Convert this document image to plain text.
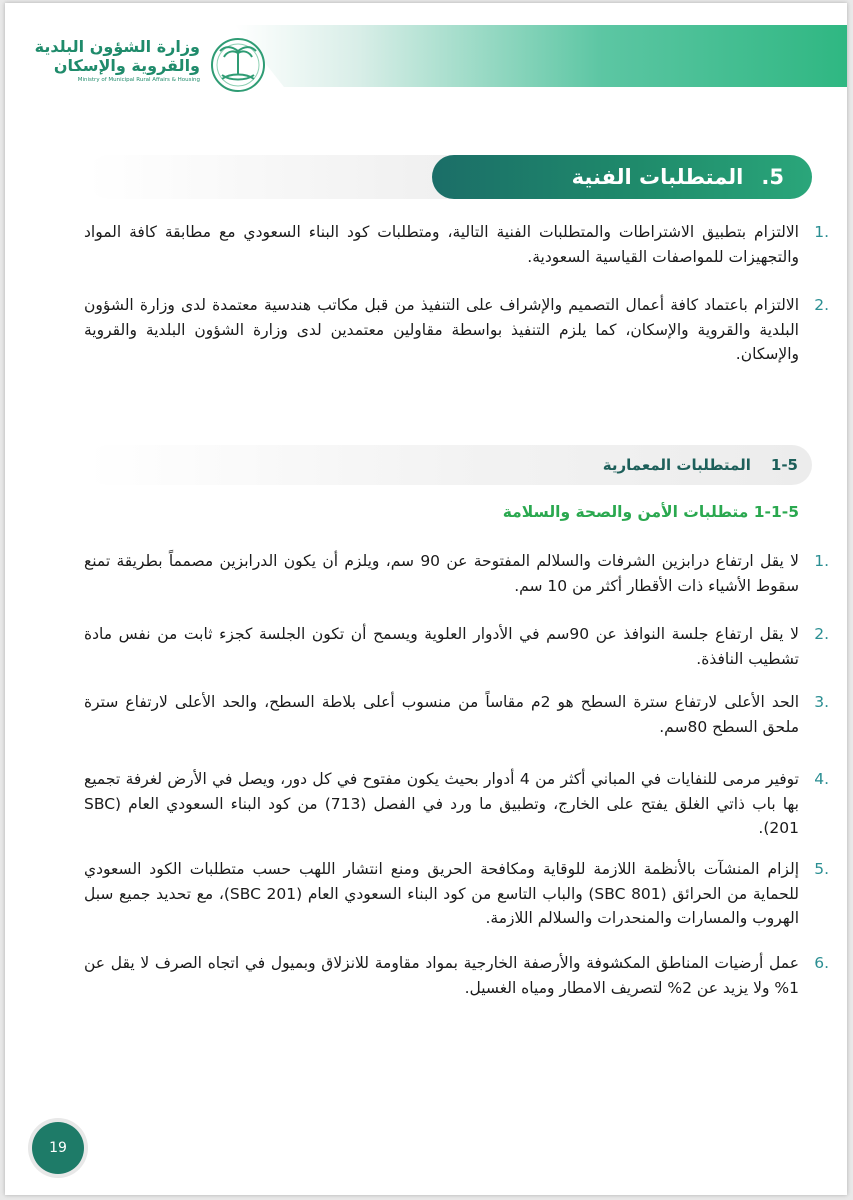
وزارة الشؤون البلدية
والقروية والإسكان
Ministry of Municipal Rural Affairs & Housing
5.
المتطلبات الفنية
.1
الالتزام بتطبيق الاشتراطات والمتطلبات الفنية التالية، ومتطلبات كود البناء السعودي مع مطابقة كافة المواد والتجهيزات للمواصفات القياسية السعودية.
.2
الالتزام باعتماد كافة أعمال التصميم والإشراف على التنفيذ من قبل مكاتب هندسية معتمدة لدى وزارة الشؤون البلدية والقروية والإسكان، كما يلزم التنفيذ بواسطة مقاولين معتمدين لدى وزارة الشؤون البلدية والقروية والإسكان.
1-5
المتطلبات المعمارية
1-1-5 متطلبات الأمن والصحة والسلامة
.1
لا يقل ارتفاع درابزين الشرفات والسلالم المفتوحة عن 90 سم، ويلزم أن يكون الدرابزين مصمماً بطريقة تمنع سقوط الأشياء ذات الأقطار أكثر من 10 سم.
.2
لا يقل ارتفاع جلسة النوافذ عن 90سم في الأدوار العلوية ويسمح أن تكون الجلسة كجزء ثابت من نفس مادة تشطيب النافذة.
.3
الحد الأعلى لارتفاع سترة السطح هو 2م مقاساً من منسوب أعلى بلاطة السطح، والحد الأعلى لارتفاع سترة ملحق السطح 80سم.
.4
توفير مرمى للنفايات في المباني أكثر من 4 أدوار بحيث يكون مفتوح في كل دور، ويصل في الأرض لغرفة تجميع بها باب ذاتي الغلق يفتح على الخارج، وتطبيق ما ورد في الفصل (713) من كود البناء السعودي العام (SBC 201).
.5
إلزام المنشآت بالأنظمة اللازمة للوقاية ومكافحة الحريق ومنع انتشار اللهب حسب متطلبات الكود السعودي للحماية من الحرائق (SBC 801) والباب التاسع من كود البناء السعودي العام (SBC 201)، مع تحديد جميع سبل الهروب والمسارات والمنحدرات والسلالم اللازمة.
.6
عمل أرضيات المناطق المكشوفة والأرصفة الخارجية بمواد مقاومة للانزلاق وبميول في اتجاه الصرف لا يقل عن 1% ولا يزيد عن 2% لتصريف الامطار ومياه الغسيل.
19
